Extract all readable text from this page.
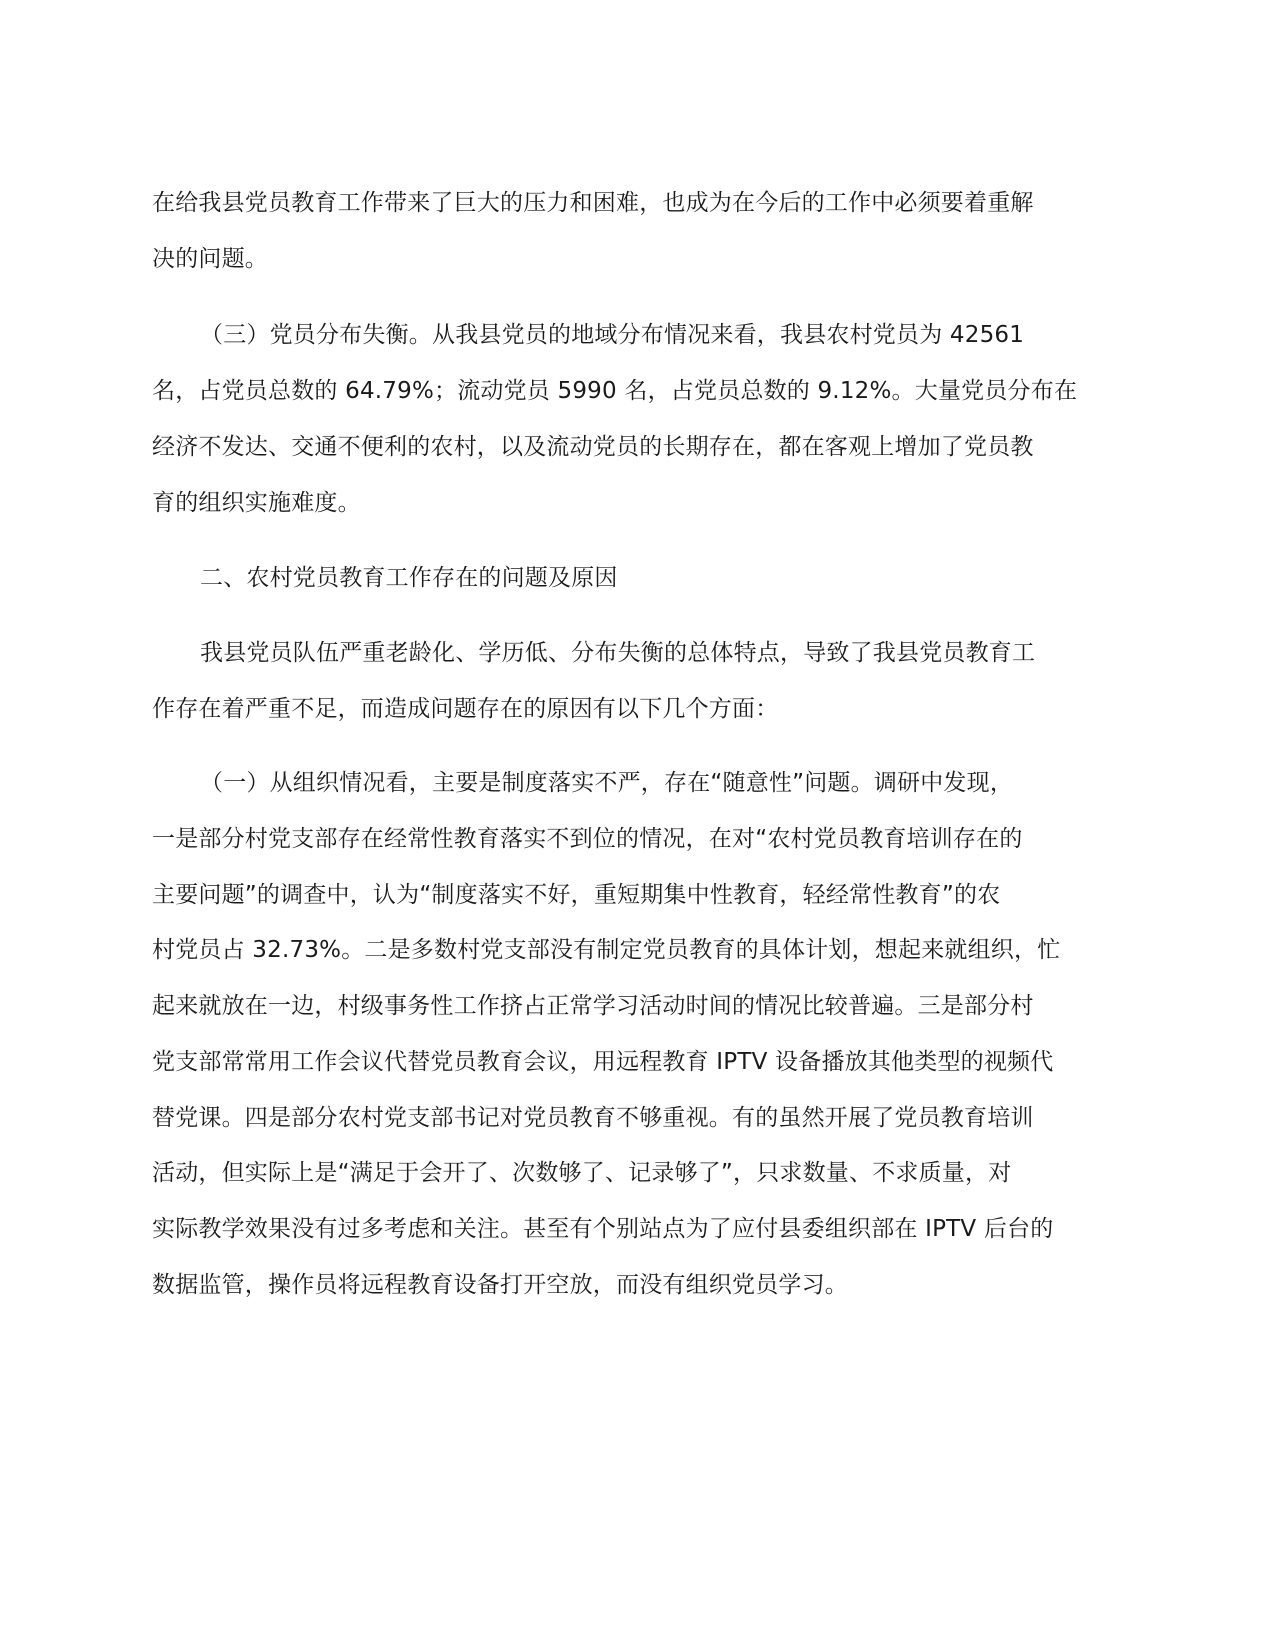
在给我县党员教育工作带来了巨大的压力和困难，也成为在今后的工作中必须要着重解
决的问题。
（三）党员分布失衡。从我县党员的地域分布情况来看，我县农村党员为 42561
名，占党员总数的 64.79%；流动党员 5990 名，占党员总数的 9.12%。大量党员分布在
经济不发达、交通不便利的农村，以及流动党员的长期存在，都在客观上增加了党员教
育的组织实施难度。
二、农村党员教育工作存在的问题及原因
我县党员队伍严重老龄化、学历低、分布失衡的总体特点，导致了我县党员教育工
作存在着严重不足，而造成问题存在的原因有以下几个方面：
（一）从组织情况看，主要是制度落实不严，存在“随意性”问题。调研中发现，
一是部分村党支部存在经常性教育落实不到位的情况，在对“农村党员教育培训存在的
主要问题”的调查中，认为“制度落实不好，重短期集中性教育，轻经常性教育”的农
村党员占 32.73%。二是多数村党支部没有制定党员教育的具体计划，想起来就组织，忙
起来就放在一边，村级事务性工作挤占正常学习活动时间的情况比较普遍。三是部分村
党支部常常用工作会议代替党员教育会议，用远程教育 IPTV 设备播放其他类型的视频代
替党课。四是部分农村党支部书记对党员教育不够重视。有的虽然开展了党员教育培训
活动，但实际上是“满足于会开了、次数够了、记录够了”，只求数量、不求质量，对
实际教学效果没有过多考虑和关注。甚至有个别站点为了应付县委组织部在 IPTV 后台的
数据监管，操作员将远程教育设备打开空放，而没有组织党员学习。
